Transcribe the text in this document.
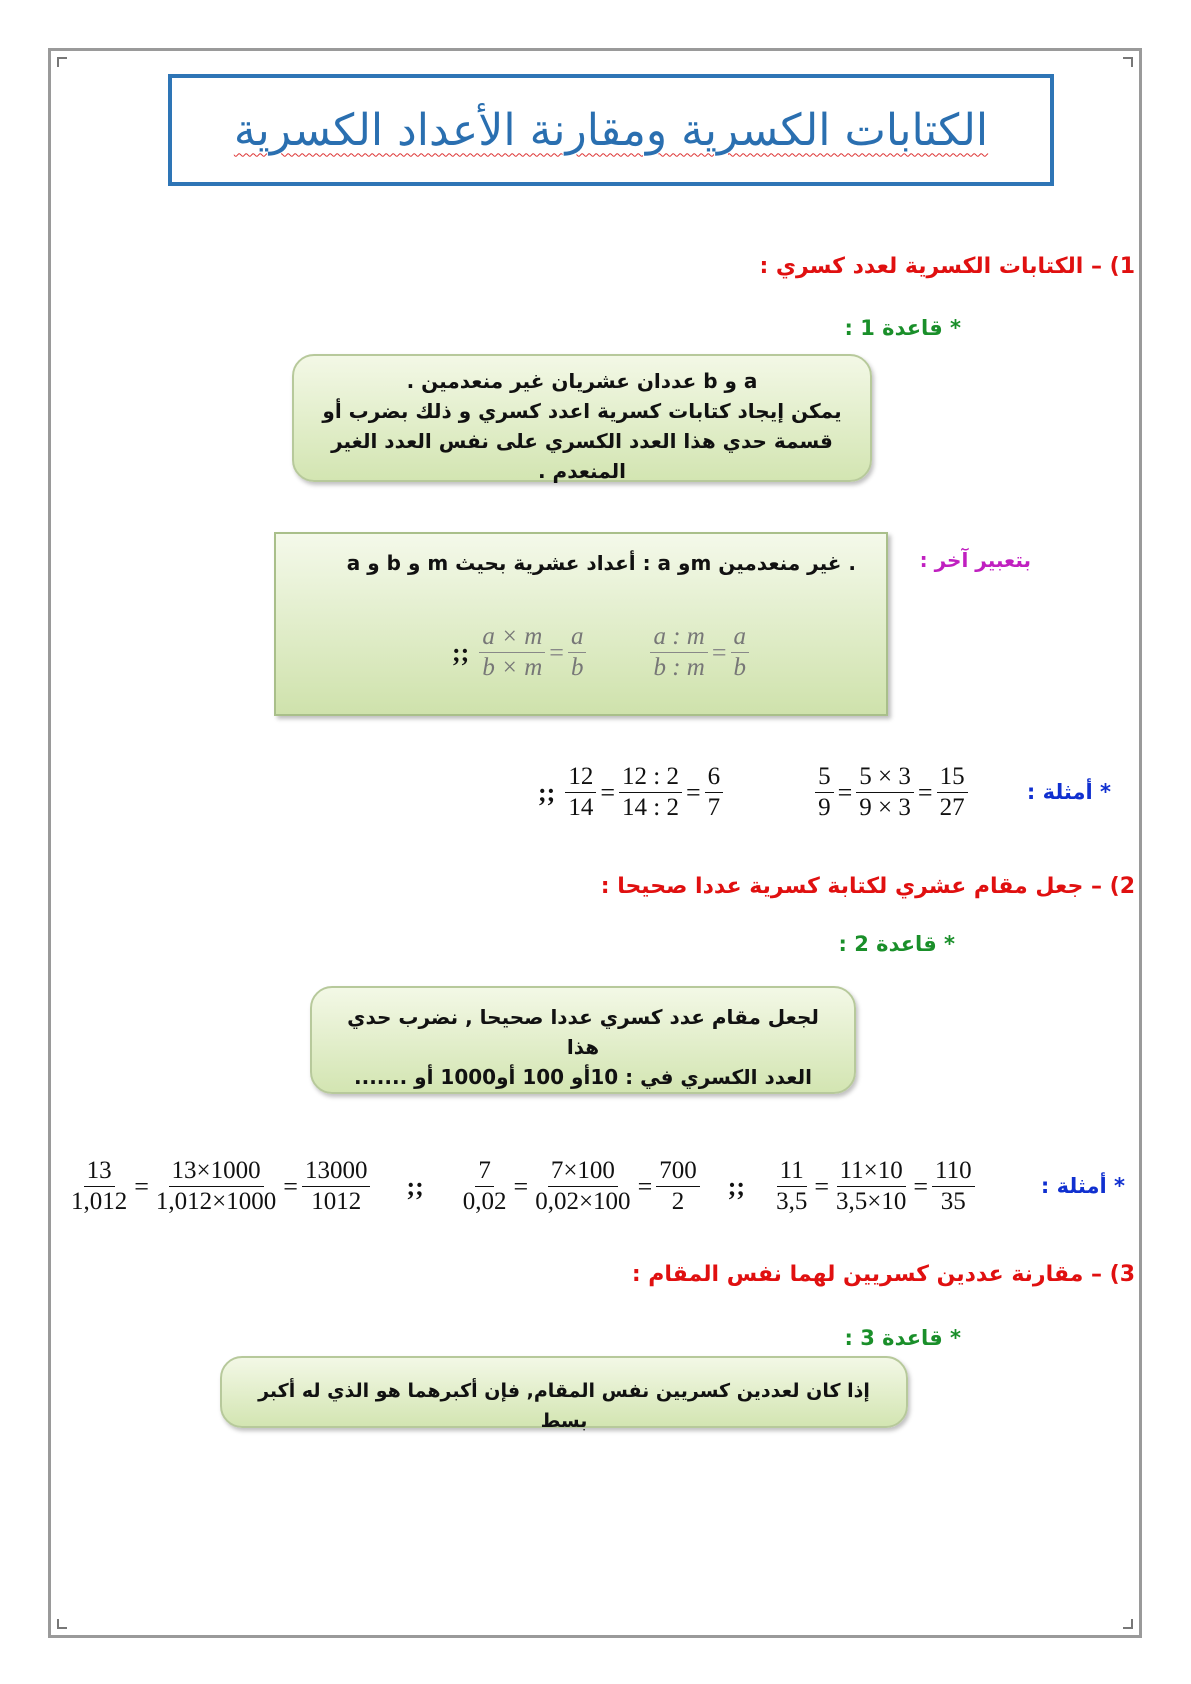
الكتابات الكسرية ومقارنة الأعداد الكسرية
1) – الكتابات الكسرية لعدد كسري :
* قاعدة 1 :
a و b عددان عشريان غير منعدمين .
يمكن إيجاد كتابات كسرية اعدد كسري و ذلك بضرب أو
قسمة حدي هذا العدد الكسري على نفس العدد الغير المنعدم .
بتعبير آخر :
a و b و m أعداد عشرية بحيث : a وm غير منعدمين .
;; $\frac{a \times m}{b \times m} = \frac{a}{b}$	$\frac{a : m}{b : m} = \frac{a}{b}$
* أمثلة :
;; $\frac{12}{14} = \frac{12 : 2}{14 : 2} = \frac{6}{7}$	$\frac{5}{9} = \frac{5 \times 3}{9 \times 3} = \frac{15}{27}$
2) – جعل مقام عشري لكتابة كسرية عددا صحيحا :
* قاعدة 2 :
لجعل مقام عدد كسري عددا صحيحا , نضرب حدي هذا
العدد الكسري في : 10أو 100 أو1000 أو .......
* أمثلة :
$\frac{13}{1,012} = \frac{13\times 1000}{1,012\times 1000} = \frac{13000}{1012}$ ;; $\frac{7}{0,02} = \frac{7\times 100}{0,02\times 100} = \frac{700}{2}$ ;; $\frac{11}{3,5} = \frac{11\times 10}{3,5\times 10} = \frac{110}{35}$
3) – مقارنة عددين كسريين لهما نفس المقام :
* قاعدة 3 :
إذا كان لعددين كسريين نفس المقام, فإن أكبرهما هو الذي له أكبر بسط
